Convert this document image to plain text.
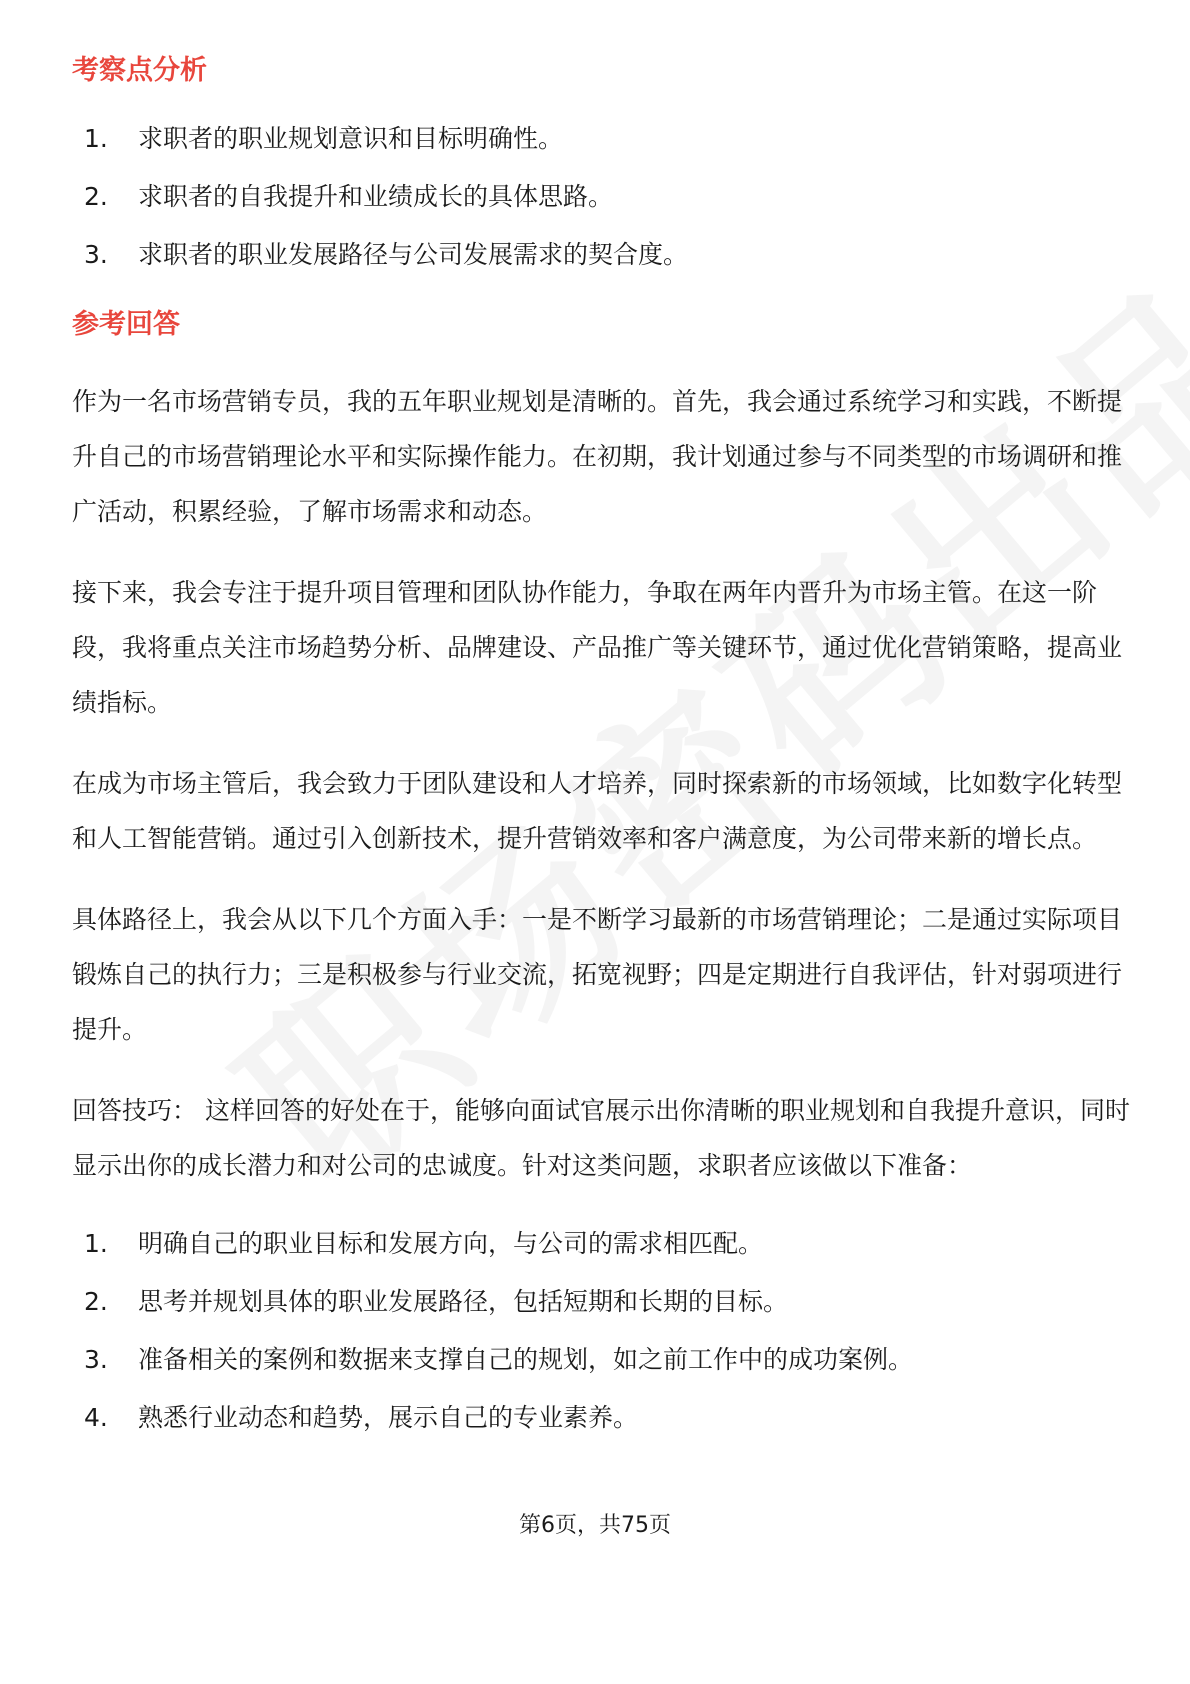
考察点分析
1.	求职者的职业规划意识和目标明确性。
2.	求职者的自我提升和业绩成长的具体思路。
3.	求职者的职业发展路径与公司发展需求的契合度。
参考回答

作为一名市场营销专员，我的五年职业规划是清晰的。首先，我会通过系统学习和实践，不断提升自己的市场营销理论水平和实际操作能力。在初期，我计划通过参与不同类型的市场调研和推广活动，积累经验，了解市场需求和动态。

接下来，我会专注于提升项目管理和团队协作能力，争取在两年内晋升为市场主管。在这一阶段，我将重点关注市场趋势分析、品牌建设、产品推广等关键环节，通过优化营销策略，提高业绩指标。

在成为市场主管后，我会致力于团队建设和人才培养，同时探索新的市场领域，比如数字化转型和人工智能营销。通过引入创新技术，提升营销效率和客户满意度，为公司带来新的增长点。

具体路径上，我会从以下几个方面入手：一是不断学习最新的市场营销理论；二是通过实际项目锻炼自己的执行力；三是积极参与行业交流，拓宽视野；四是定期进行自我评估，针对弱项进行提升。

回答技巧： 这样回答的好处在于，能够向面试官展示出你清晰的职业规划和自我提升意识，同时显示出你的成长潜力和对公司的忠诚度。针对这类问题，求职者应该做以下准备：

1.	明确自己的职业目标和发展方向，与公司的需求相匹配。
2.	思考并规划具体的职业发展路径，包括短期和长期的目标。
3.	准备相关的案例和数据来支撑自己的规划，如之前工作中的成功案例。
4.	熟悉行业动态和趋势，展示自己的专业素养。
第6页，共75页
